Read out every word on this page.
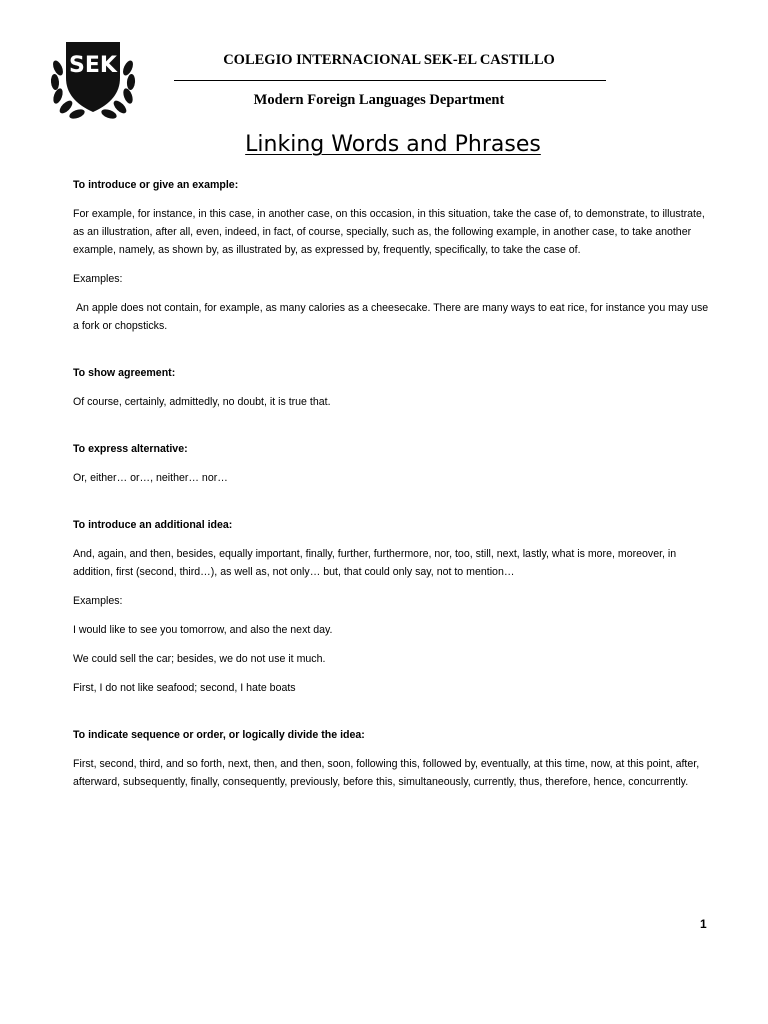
SEK	COLEGIO INTERNACIONAL SEK-EL CASTILLO
Modern Foreign Languages Department
Linking Words and Phrases
To introduce or give an example:
For example, for instance, in this case, in another case, on this occasion, in this situation, take the case of, to demonstrate, to illustrate, as an illustration, after all, even, indeed, in fact, of course, specially, such as, the following example, in another case, to take another example, namely, as shown by, as illustrated by, as expressed by, frequently, specifically, to take the case of.
Examples:
An apple does not contain, for example, as many calories as a cheesecake. There are many ways to eat rice, for instance you may use a fork or chopsticks.
To show agreement:
Of course, certainly, admittedly, no doubt, it is true that.
To express alternative:
Or, either… or…, neither… nor…
To introduce an additional idea:
And, again, and then, besides, equally important, finally, further, furthermore, nor, too, still, next, lastly, what is more, moreover, in addition, first (second, third…), as well as, not only… but, that could only say, not to mention…
Examples:
I would like to see you tomorrow, and also the next day.
We could sell the car; besides, we do not use it much.
First, I do not like seafood; second, I hate boats
To indicate sequence or order, or logically divide the idea:
First, second, third, and so forth, next, then, and then, soon, following this, followed by, eventually, at this time, now, at this point, after, afterward, subsequently, finally, consequently, previously, before this, simultaneously, currently, thus, therefore, hence, concurrently.
1
